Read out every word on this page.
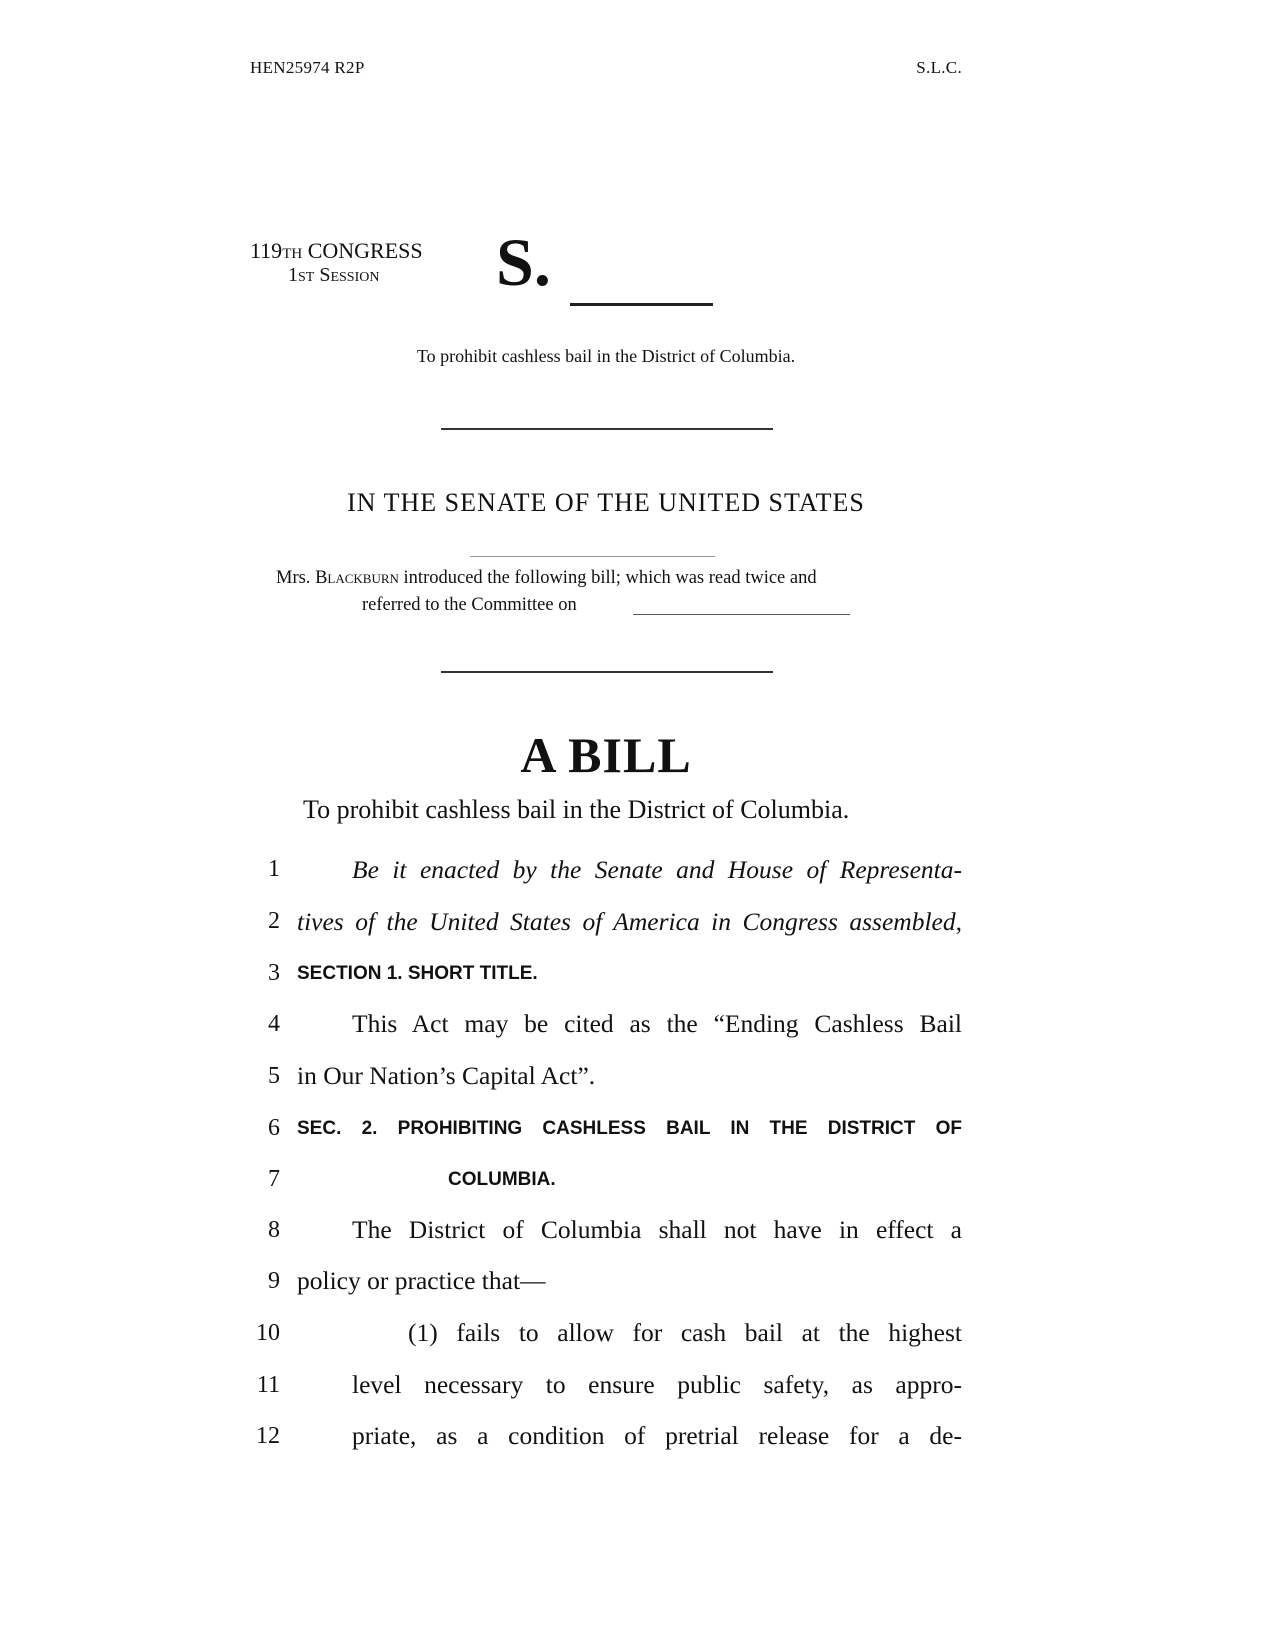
HEN25974 R2P	S.L.C.
119TH CONGRESS
1st Session S.
To prohibit cashless bail in the District of Columbia.
IN THE SENATE OF THE UNITED STATES
Mrs. Blackburn introduced the following bill; which was read twice and
referred to the Committee on
A BILL
To prohibit cashless bail in the District of Columbia.
1	Be it enacted by the Senate and House of Representa-
2 tives of the United States of America in Congress assembled,
3 SECTION 1. SHORT TITLE.
4	This Act may be cited as the “Ending Cashless Bail
5 in Our Nation’s Capital Act”.
6 SEC. 2. PROHIBITING CASHLESS BAIL IN THE DISTRICT OF
7	COLUMBIA.
8	The District of Columbia shall not have in effect a
9 policy or practice that—
10	(1) fails to allow for cash bail at the highest
11	level necessary to ensure public safety, as appro-
12	priate, as a condition of pretrial release for a de-
